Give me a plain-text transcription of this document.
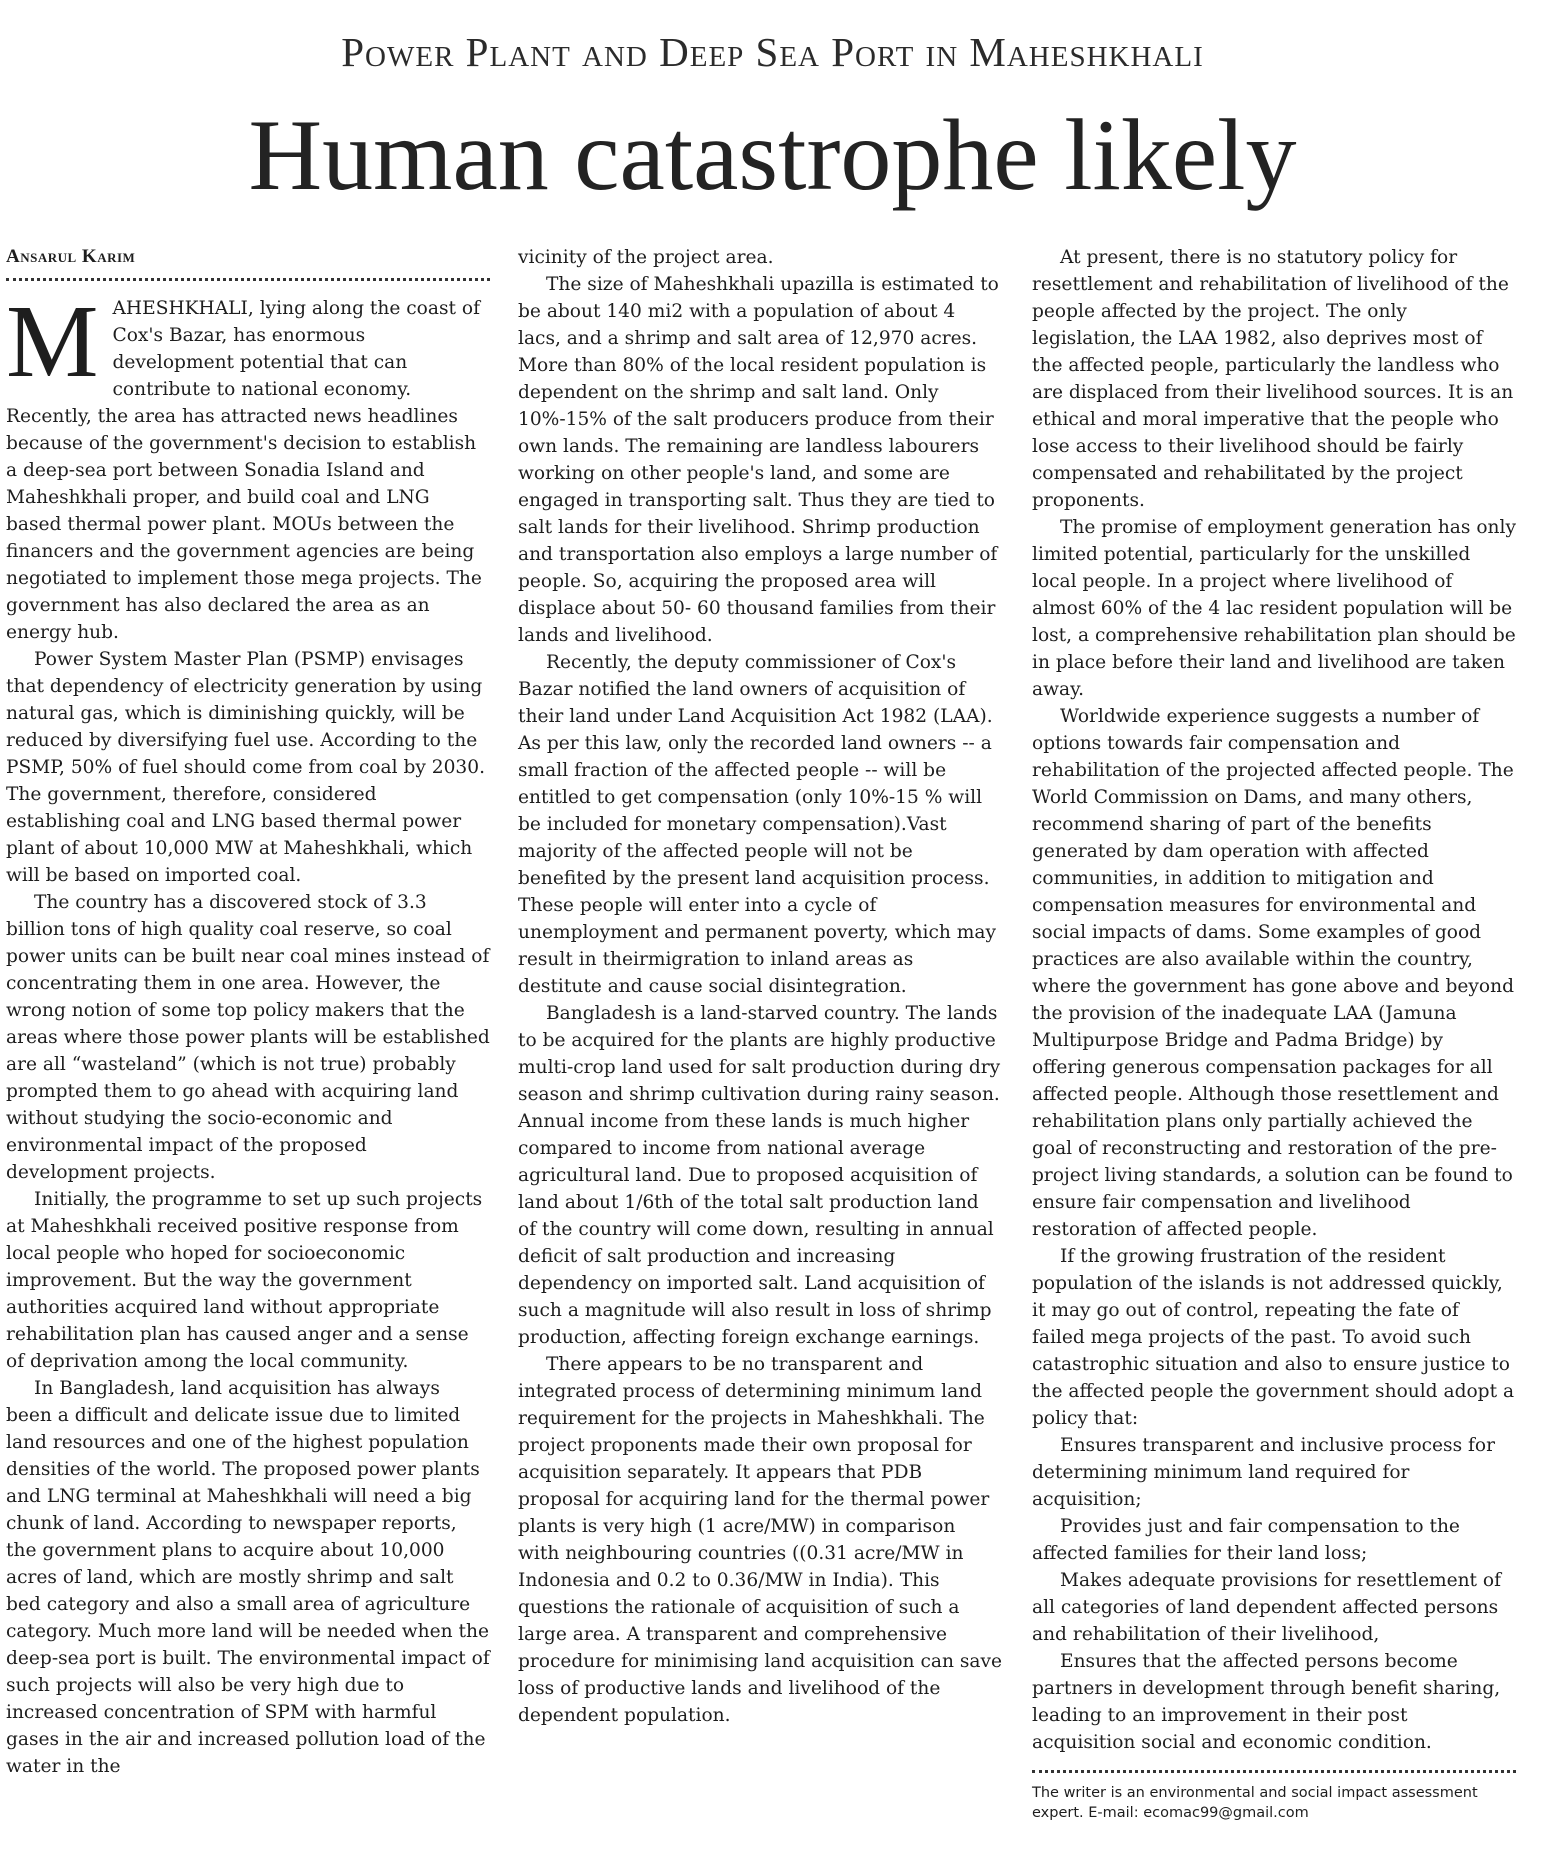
Power Plant and Deep Sea Port in Maheshkhali
Human catastrophe likely
Ansarul Karim

MAHESHKHALI, lying along the coast of Cox's Bazar, has enormous development potential that can contribute to national economy. Recently, the area has attracted news headlines because of the government's decision to establish a deep-sea port between Sonadia Island and Maheshkhali proper, and build coal and LNG based thermal power plant. MOUs between the financers and the government agencies are being negotiated to implement those mega projects. The government has also declared the area as an energy hub.

Power System Master Plan (PSMP) envisages that dependency of electricity generation by using natural gas, which is diminishing quickly, will be reduced by diversifying fuel use. According to the PSMP, 50% of fuel should come from coal by 2030. The government, therefore, considered establishing coal and LNG based thermal power plant of about 10,000 MW at Maheshkhali, which will be based on imported coal.

The country has a discovered stock of 3.3 billion tons of high quality coal reserve, so coal power units can be built near coal mines instead of concentrating them in one area. However, the wrong notion of some top policy makers that the areas where those power plants will be established are all “wasteland” (which is not true) probably prompted them to go ahead with acquiring land without studying the socio-economic and environmental impact of the proposed development projects.

Initially, the programme to set up such projects at Maheshkhali received positive response from local people who hoped for socioeconomic improvement. But the way the government authorities acquired land without appropriate rehabilitation plan has caused anger and a sense of deprivation among the local community.

In Bangladesh, land acquisition has always been a difficult and delicate issue due to limited land resources and one of the highest population densities of the world. The proposed power plants and LNG terminal at Maheshkhali will need a big chunk of land. According to newspaper reports, the government plans to acquire about 10,000 acres of land, which are mostly shrimp and salt bed category and also a small area of agriculture category. Much more land will be needed when the deep-sea port is built. The environmental impact of such projects will also be very high due to increased concentration of SPM with harmful gases in the air and increased pollution load of the water in the

vicinity of the project area.

The size of Maheshkhali upazilla is estimated to be about 140 mi2 with a population of about 4 lacs, and a shrimp and salt area of 12,970 acres. More than 80% of the local resident population is dependent on the shrimp and salt land. Only 10%-15% of the salt producers produce from their own lands. The remaining are landless labourers working on other people's land, and some are engaged in transporting salt. Thus they are tied to salt lands for their livelihood. Shrimp production and transportation also employs a large number of people. So, acquiring the proposed area will displace about 50- 60 thousand families from their lands and livelihood.

Recently, the deputy commissioner of Cox's Bazar notified the land owners of acquisition of their land under Land Acquisition Act 1982 (LAA). As per this law, only the recorded land owners -- a small fraction of the affected people -- will be entitled to get compensation (only 10%-15 % will be included for monetary compensation).Vast majority of the affected people will not be benefited by the present land acquisition process. These people will enter into a cycle of unemployment and permanent poverty, which may result in theirmigration to inland areas as destitute and cause social disintegration.

Bangladesh is a land-starved country. The lands to be acquired for the plants are highly productive multi-crop land used for salt production during dry season and shrimp cultivation during rainy season. Annual income from these lands is much higher compared to income from national average agricultural land. Due to proposed acquisition of land about 1/6th of the total salt production land of the country will come down, resulting in annual deficit of salt production and increasing dependency on imported salt. Land acquisition of such a magnitude will also result in loss of shrimp production, affecting foreign exchange earnings.

There appears to be no transparent and integrated process of determining minimum land requirement for the projects in Maheshkhali. The project proponents made their own proposal for acquisition separately. It appears that PDB proposal for acquiring land for the thermal power plants is very high (1 acre/MW) in comparison with neighbouring countries ((0.31 acre/MW in Indonesia and 0.2 to 0.36/MW in India). This questions the rationale of acquisition of such a large area. A transparent and comprehensive procedure for minimising land acquisition can save loss of productive lands and livelihood of the dependent population.

At present, there is no statutory policy for resettlement and rehabilitation of livelihood of the people affected by the project. The only legislation, the LAA 1982, also deprives most of the affected people, particularly the landless who are displaced from their livelihood sources. It is an ethical and moral imperative that the people who lose access to their livelihood should be fairly compensated and rehabilitated by the project proponents.

The promise of employment generation has only limited potential, particularly for the unskilled local people. In a project where livelihood of almost 60% of the 4 lac resident population will be lost, a comprehensive rehabilitation plan should be in place before their land and livelihood are taken away.

Worldwide experience suggests a number of options towards fair compensation and rehabilitation of the projected affected people. The World Commission on Dams, and many others, recommend sharing of part of the benefits generated by dam operation with affected communities, in addition to mitigation and compensation measures for environmental and social impacts of dams. Some examples of good practices are also available within the country, where the government has gone above and beyond the provision of the inadequate LAA (Jamuna Multipurpose Bridge and Padma Bridge) by offering generous compensation packages for all affected people. Although those resettlement and rehabilitation plans only partially achieved the goal of reconstructing and restoration of the pre-project living standards, a solution can be found to ensure fair compensation and livelihood restoration of affected people.

If the growing frustration of the resident population of the islands is not addressed quickly, it may go out of control, repeating the fate of failed mega projects of the past. To avoid such catastrophic situation and also to ensure justice to the affected people the government should adopt a policy that:

Ensures transparent and inclusive process for determining minimum land required for acquisition;

Provides just and fair compensation to the affected families for their land loss;

Makes adequate provisions for resettlement of all categories of land dependent affected persons and rehabilitation of their livelihood,

Ensures that the affected persons become partners in development through benefit sharing, leading to an improvement in their post acquisition social and economic condition.

The writer is an environmental and social impact assessment expert. E-mail: ecomac99@gmail.com
